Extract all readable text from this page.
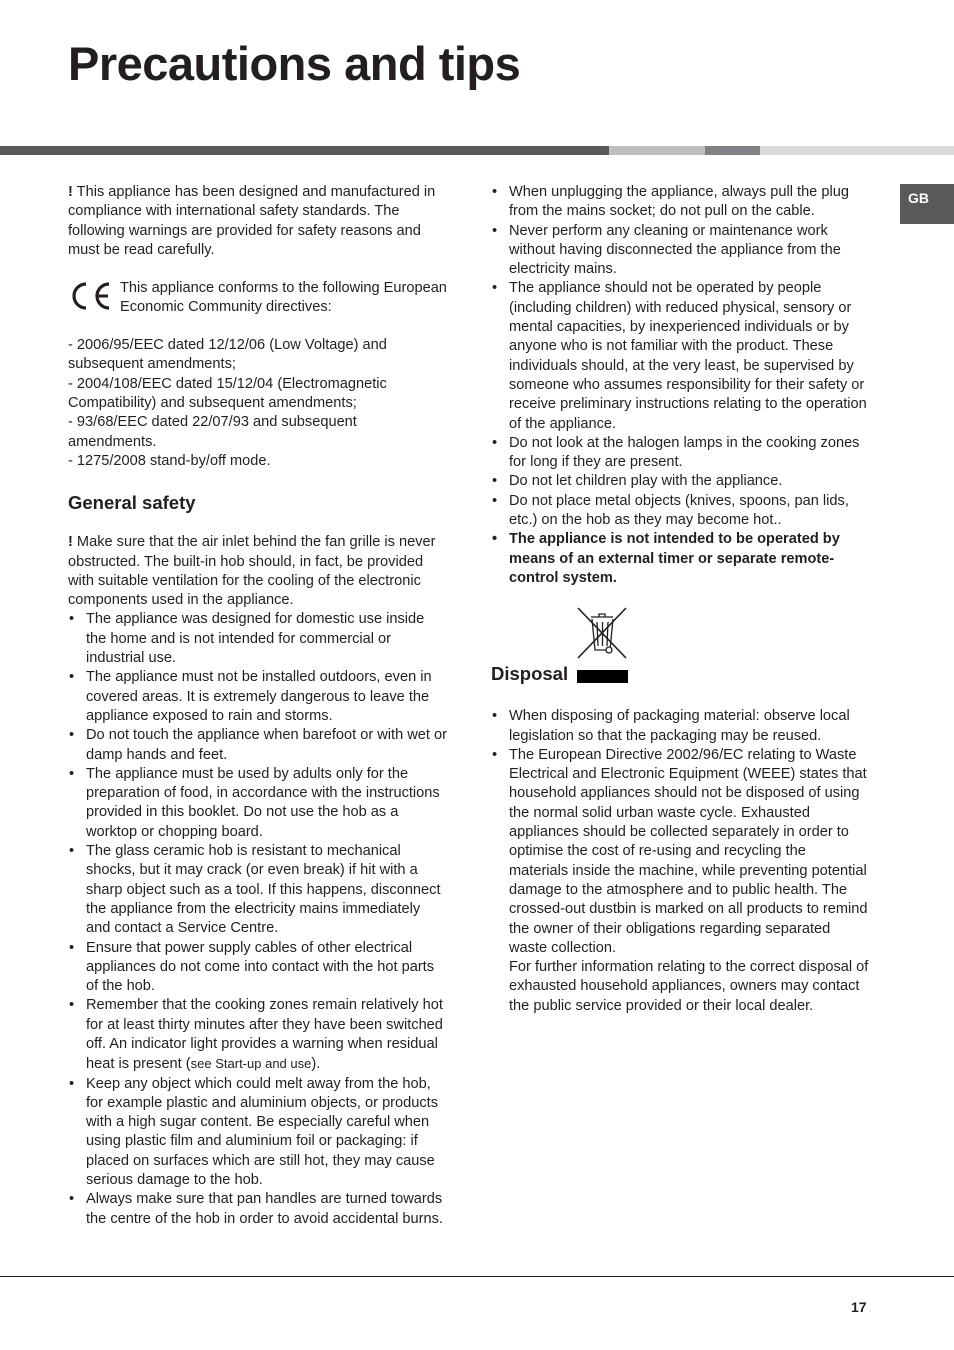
Precautions and tips
GB

! This appliance has been designed and manufactured in compliance with international safety standards. The following warnings are provided for safety reasons and must be read carefully.

This appliance conforms to the following European Economic Community directives:

- 2006/95/EEC dated 12/12/06 (Low Voltage) and subsequent amendments;

- 2004/108/EEC dated 15/12/04 (Electromagnetic Compatibility) and subsequent amendments;

- 93/68/EEC dated 22/07/93 and subsequent amendments.

- 1275/2008 stand-by/off mode.

General safety

! Make sure that the air inlet behind the fan grille is never obstructed. The built-in hob should, in fact, be provided with suitable ventilation for the cooling of the electronic components used in the appliance.

• The appliance was designed for domestic use inside the home and is not intended for commercial or industrial use.
• The appliance must not be installed outdoors, even in covered areas. It is extremely dangerous to leave the appliance exposed to rain and storms.
• Do not touch the appliance when barefoot or with wet or damp hands and feet.
• The appliance must be used by adults only for the preparation of food, in accordance with the instructions provided in this booklet. Do not use the hob as a worktop or chopping board.
• The glass ceramic hob is resistant to mechanical shocks, but it may crack (or even break) if hit with a sharp object such as a tool. If this happens, disconnect the appliance from the electricity mains immediately and contact a Service Centre.
• Ensure that power supply cables of other electrical appliances do not come into contact with the hot parts of the hob.
• Remember that the cooking zones remain relatively hot for at least thirty minutes after they have been switched off. An indicator light provides a warning when residual heat is present (see Start-up and use).
• Keep any object which could melt away from the hob, for example plastic and aluminium objects, or products with a high sugar content. Be especially careful when using plastic film and aluminium foil or packaging: if placed on surfaces which are still hot, they may cause serious damage to the hob.
• Always make sure that pan handles are turned towards the centre of the hob in order to avoid accidental burns.
• When unplugging the appliance, always pull the plug from the mains socket; do not pull on the cable.
• Never perform any cleaning or maintenance work without having disconnected the appliance from the electricity mains.
• The appliance should not be operated by people (including children) with reduced physical, sensory or mental capacities, by inexperienced individuals or by anyone who is not familiar with the product. These individuals should, at the very least, be supervised by someone who assumes responsibility for their safety or receive preliminary instructions relating to the operation of the appliance.
• Do not look at the halogen lamps in the cooking zones for long if they are present.
• Do not let children play with the appliance.
• Do not place metal objects (knives, spoons, pan lids, etc.) on the hob as they may become hot..
• The appliance is not intended to be operated by means of an external timer or separate remote-control system.
Disposal
• When disposing of packaging material: observe local legislation so that the packaging may be reused.
• The European Directive 2002/96/EC relating to Waste Electrical and Electronic Equipment (WEEE) states that household appliances should not be disposed of using the normal solid urban waste cycle. Exhausted appliances should be collected separately in order to optimise the cost of re-using and recycling the materials inside the machine, while preventing potential damage to the atmosphere and to public health. The crossed-out dustbin is marked on all products to remind the owner of their obligations regarding separated waste collection.

For further information relating to the correct disposal of exhausted household appliances, owners may contact the public service provided or their local dealer.

17
